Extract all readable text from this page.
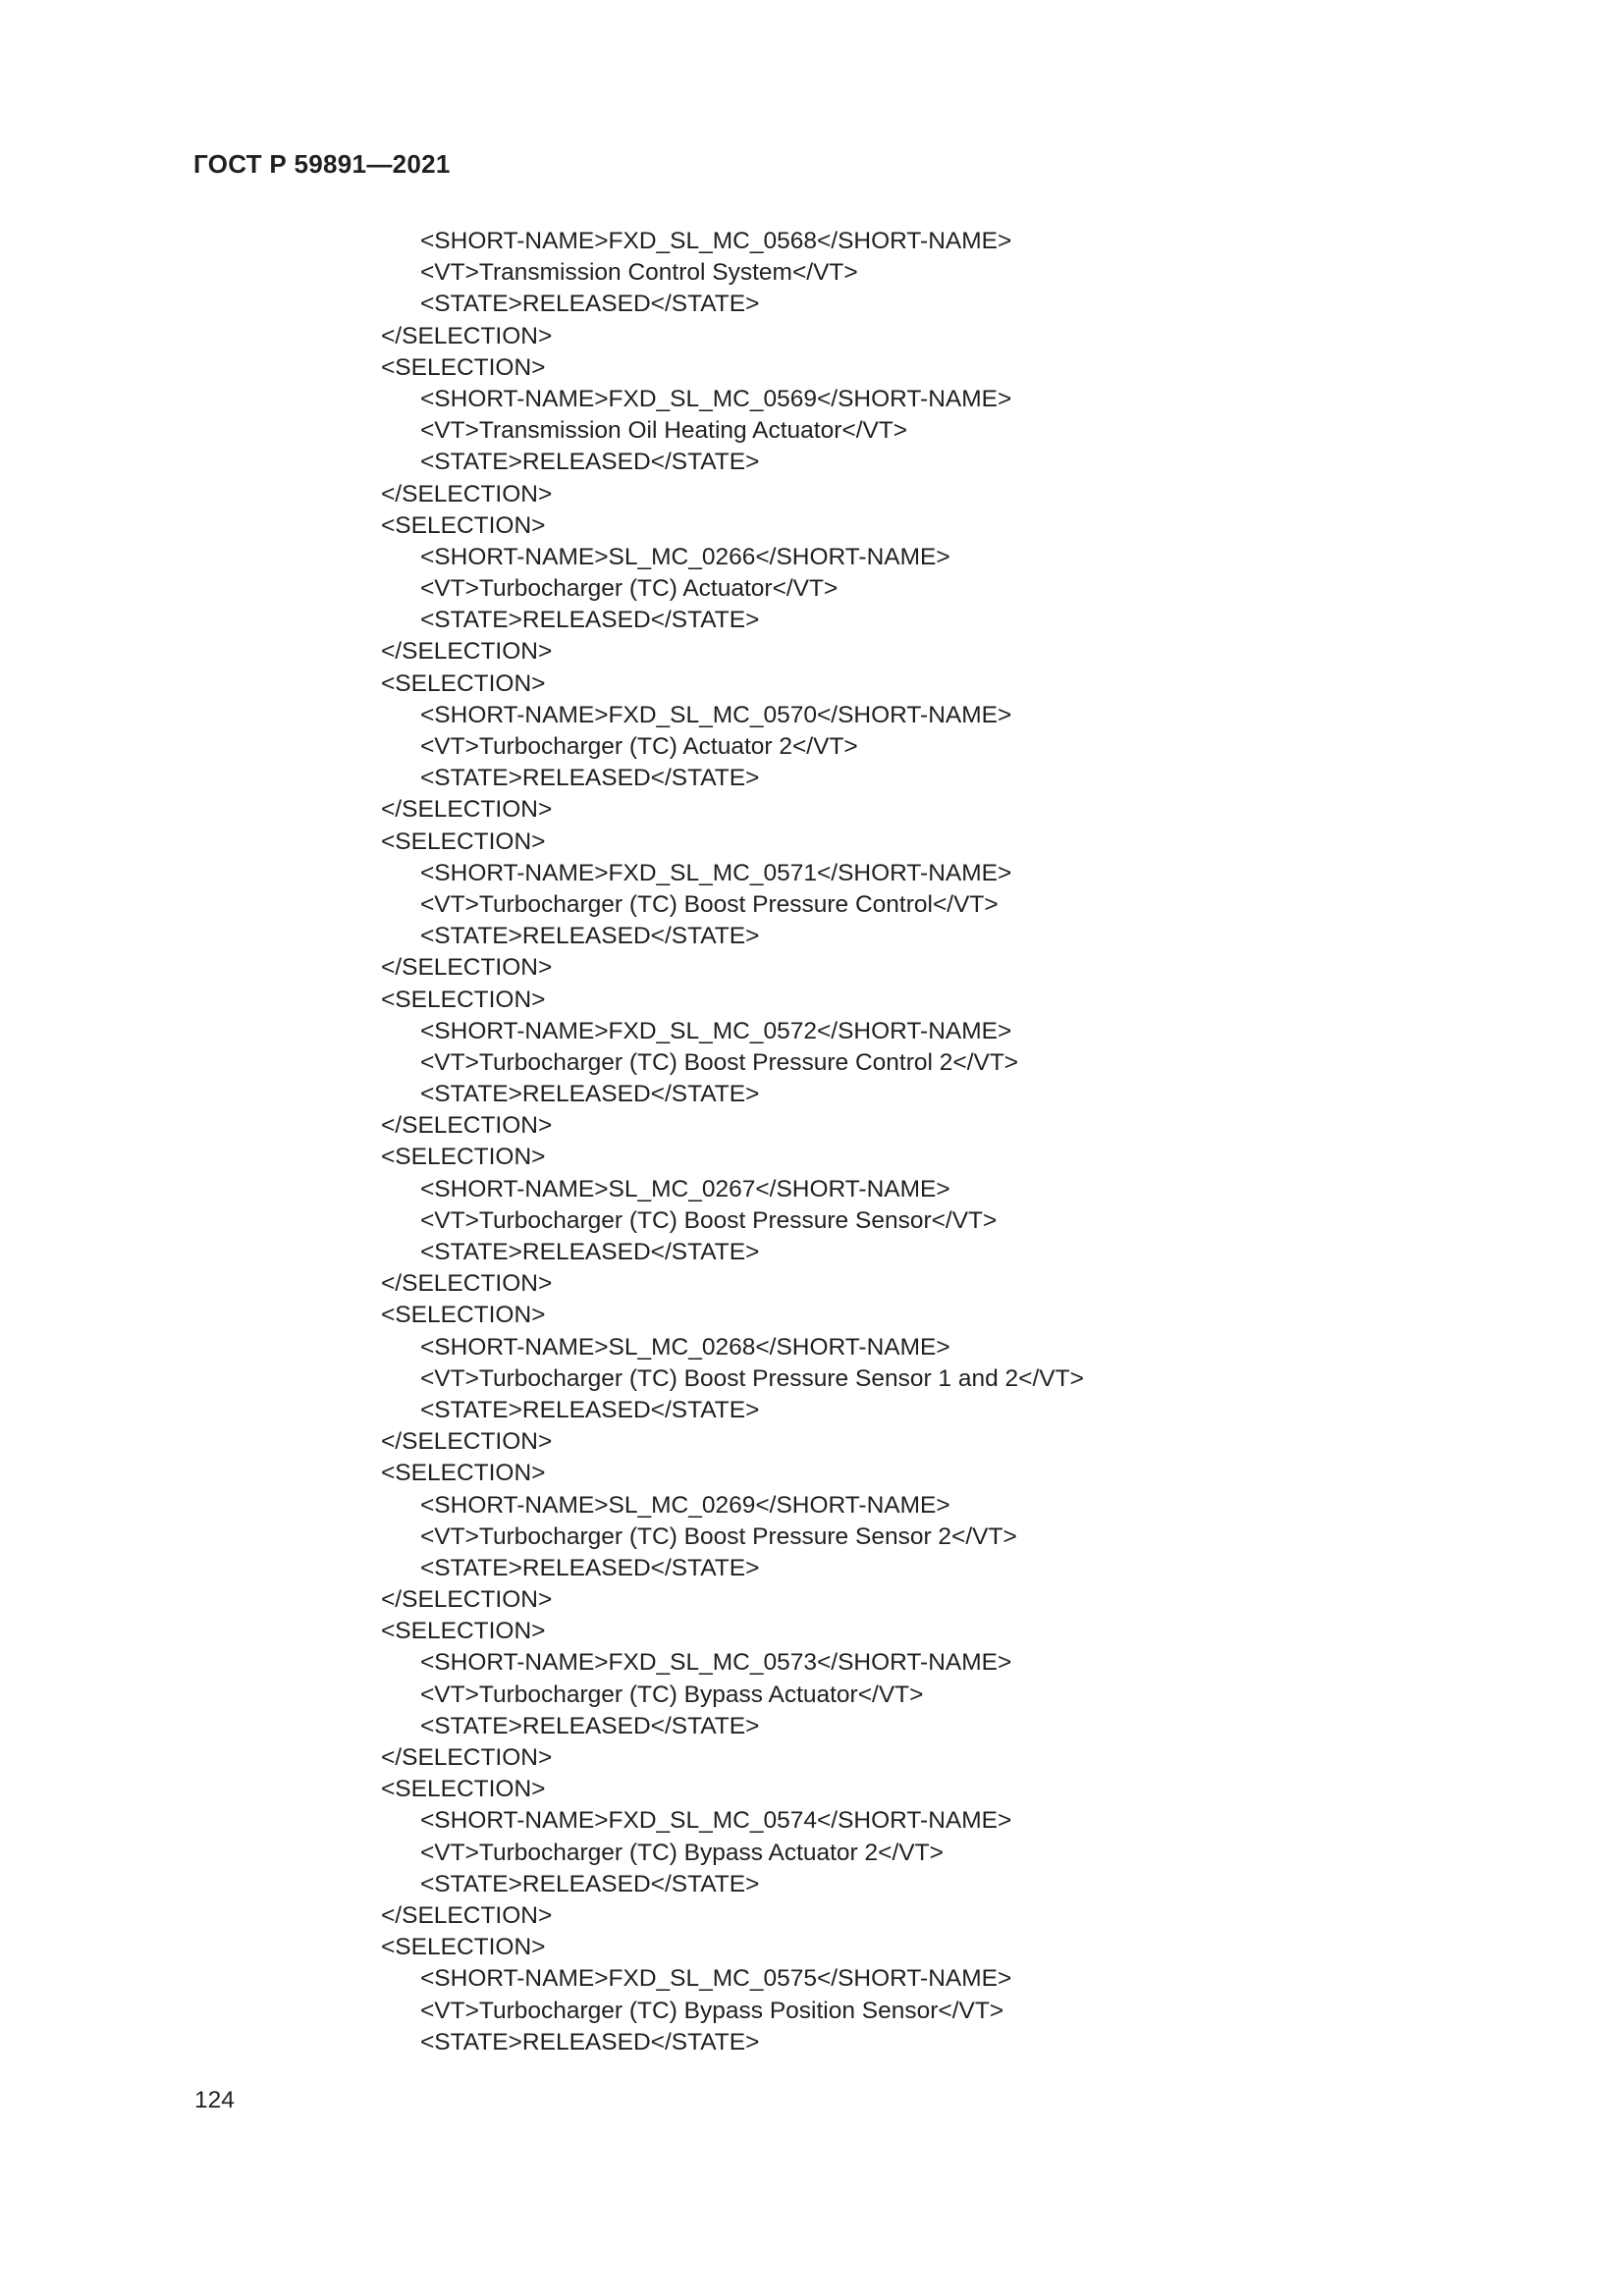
ГОСТ Р 59891—2021
<SHORT-NAME>FXD_SL_MC_0568</SHORT-NAME>
<VT>Transmission Control System</VT>
<STATE>RELEASED</STATE>
</SELECTION>
<SELECTION>
<SHORT-NAME>FXD_SL_MC_0569</SHORT-NAME>
<VT>Transmission Oil Heating Actuator</VT>
<STATE>RELEASED</STATE>
</SELECTION>
<SELECTION>
<SHORT-NAME>SL_MC_0266</SHORT-NAME>
<VT>Turbocharger (TC) Actuator</VT>
<STATE>RELEASED</STATE>
</SELECTION>
<SELECTION>
<SHORT-NAME>FXD_SL_MC_0570</SHORT-NAME>
<VT>Turbocharger (TC) Actuator 2</VT>
<STATE>RELEASED</STATE>
</SELECTION>
<SELECTION>
<SHORT-NAME>FXD_SL_MC_0571</SHORT-NAME>
<VT>Turbocharger (TC) Boost Pressure Control</VT>
<STATE>RELEASED</STATE>
</SELECTION>
<SELECTION>
<SHORT-NAME>FXD_SL_MC_0572</SHORT-NAME>
<VT>Turbocharger (TC) Boost Pressure Control 2</VT>
<STATE>RELEASED</STATE>
</SELECTION>
<SELECTION>
<SHORT-NAME>SL_MC_0267</SHORT-NAME>
<VT>Turbocharger (TC) Boost Pressure Sensor</VT>
<STATE>RELEASED</STATE>
</SELECTION>
<SELECTION>
<SHORT-NAME>SL_MC_0268</SHORT-NAME>
<VT>Turbocharger (TC) Boost Pressure Sensor 1 and 2</VT>
<STATE>RELEASED</STATE>
</SELECTION>
<SELECTION>
<SHORT-NAME>SL_MC_0269</SHORT-NAME>
<VT>Turbocharger (TC) Boost Pressure Sensor 2</VT>
<STATE>RELEASED</STATE>
</SELECTION>
<SELECTION>
<SHORT-NAME>FXD_SL_MC_0573</SHORT-NAME>
<VT>Turbocharger (TC) Bypass Actuator</VT>
<STATE>RELEASED</STATE>
</SELECTION>
<SELECTION>
<SHORT-NAME>FXD_SL_MC_0574</SHORT-NAME>
<VT>Turbocharger (TC) Bypass Actuator 2</VT>
<STATE>RELEASED</STATE>
</SELECTION>
<SELECTION>
<SHORT-NAME>FXD_SL_MC_0575</SHORT-NAME>
<VT>Turbocharger (TC) Bypass Position Sensor</VT>
<STATE>RELEASED</STATE>
124
